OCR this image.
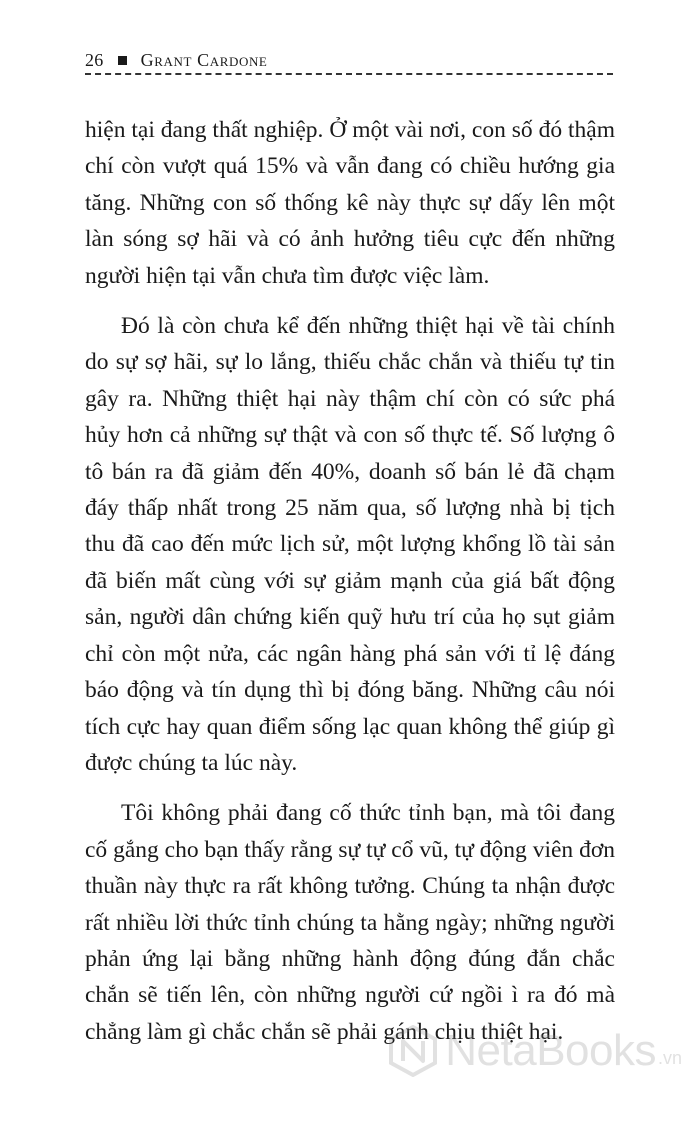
26 Grant Cardone

hiện tại đang thất nghiệp. Ở một vài nơi, con số đó thậm chí còn vượt quá 15% và vẫn đang có chiều hướng gia tăng. Những con số thống kê này thực sự dấy lên một làn sóng sợ hãi và có ảnh hưởng tiêu cực đến những người hiện tại vẫn chưa tìm được việc làm.

Đó là còn chưa kể đến những thiệt hại về tài chính do sự sợ hãi, sự lo lắng, thiếu chắc chắn và thiếu tự tin gây ra. Những thiệt hại này thậm chí còn có sức phá hủy hơn cả những sự thật và con số thực tế. Số lượng ô tô bán ra đã giảm đến 40%, doanh số bán lẻ đã chạm đáy thấp nhất trong 25 năm qua, số lượng nhà bị tịch thu đã cao đến mức lịch sử, một lượng khổng lồ tài sản đã biến mất cùng với sự giảm mạnh của giá bất động sản, người dân chứng kiến quỹ hưu trí của họ sụt giảm chỉ còn một nửa, các ngân hàng phá sản với tỉ lệ đáng báo động và tín dụng thì bị đóng băng. Những câu nói tích cực hay quan điểm sống lạc quan không thể giúp gì được chúng ta lúc này.

Tôi không phải đang cố thức tỉnh bạn, mà tôi đang cố gắng cho bạn thấy rằng sự tự cổ vũ, tự động viên đơn thuần này thực ra rất không tưởng. Chúng ta nhận được rất nhiều lời thức tỉnh chúng ta hằng ngày; những người phản ứng lại bằng những hành động đúng đắn chắc chắn sẽ tiến lên, còn những người cứ ngồi ì ra đó mà chẳng làm gì chắc chắn sẽ phải gánh chịu thiệt hại.

NetaBooks .vn
